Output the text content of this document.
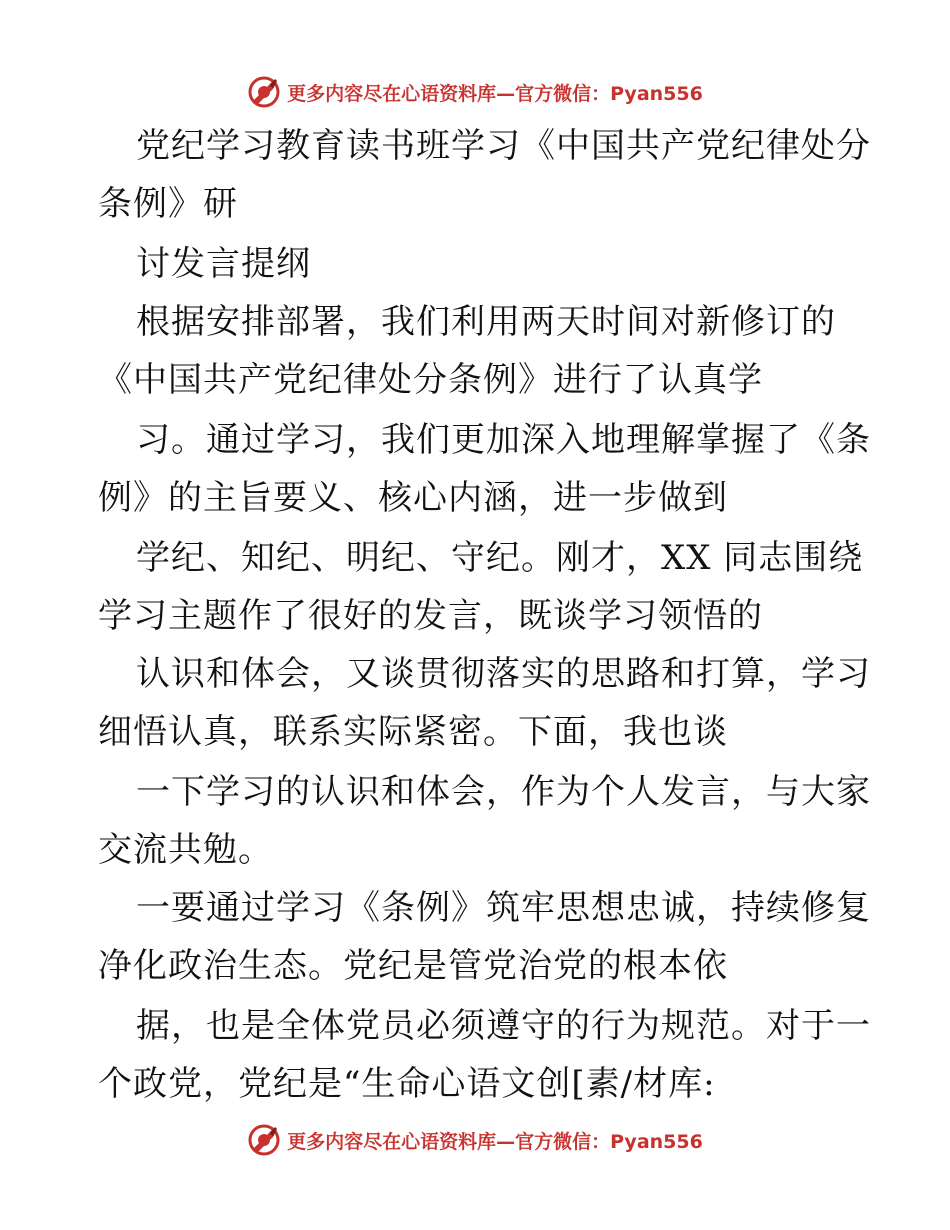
更多内容尽在心语资料库—官方微信：Pyan556
党纪学习教育读书班学习《中国共产党纪律处分
条例》研
讨发言提纲
根据安排部署，我们利用两天时间对新修订的
《中国共产党纪律处分条例》进行了认真学
习。通过学习，我们更加深入地理解掌握了《条
例》的主旨要义、核心内涵，进一步做到
学纪、知纪、明纪、守纪。刚才，XX 同志围绕
学习主题作了很好的发言，既谈学习领悟的
认识和体会，又谈贯彻落实的思路和打算，学习
细悟认真，联系实际紧密。下面，我也谈
一下学习的认识和体会，作为个人发言，与大家
交流共勉。
一要通过学习《条例》筑牢思想忠诚，持续修复
净化政治生态。党纪是管党治党的根本依
据，也是全体党员必须遵守的行为规范。对于一
个政党，党纪是“生命心语文创[素/材库:
更多内容尽在心语资料库—官方微信：Pyan556
